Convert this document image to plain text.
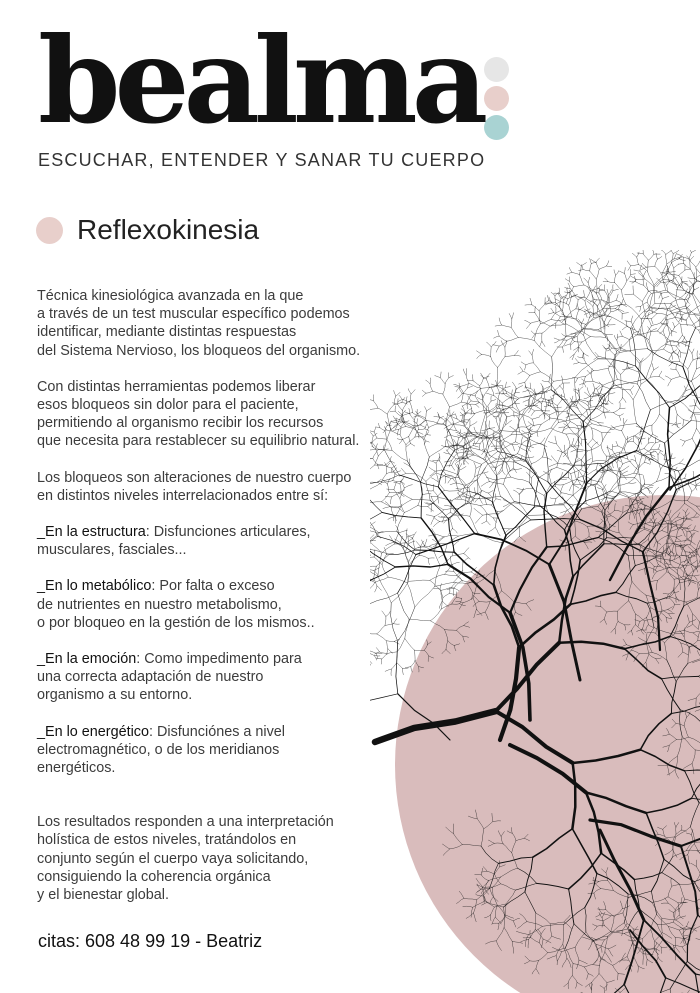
bealma
ESCUCHAR, ENTENDER Y SANAR TU CUERPO
Reflexokinesia
Técnica kinesiológica avanzada en la que
a través de un test muscular específico podemos
identificar, mediante distintas respuestas
del Sistema Nervioso, los bloqueos del organismo.
Con distintas herramientas podemos liberar
esos bloqueos sin dolor para el paciente,
permitiendo al organismo recibir los recursos
que necesita para restablecer su equilibrio natural.
Los bloqueos son alteraciones de nuestro cuerpo
en distintos niveles interrelacionados entre sí:
_En la estructura: Disfunciones articulares,
musculares, fasciales...
_En lo metabólico: Por falta o exceso
de nutrientes en nuestro metabolismo,
o por bloqueo en la gestión de los mismos..
_En la emoción: Como impedimento para
una correcta adaptación de nuestro
organismo a su entorno.
_En lo energético: Disfunciónes a nivel
electromagnético, o de los meridianos
energéticos.
Los resultados responden a una interpretación
holística de estos niveles, tratándolos en
conjunto según el cuerpo vaya solicitando,
consiguiendo la coherencia orgánica
y el bienestar global.
citas: 608 48 99 19 - Beatriz
